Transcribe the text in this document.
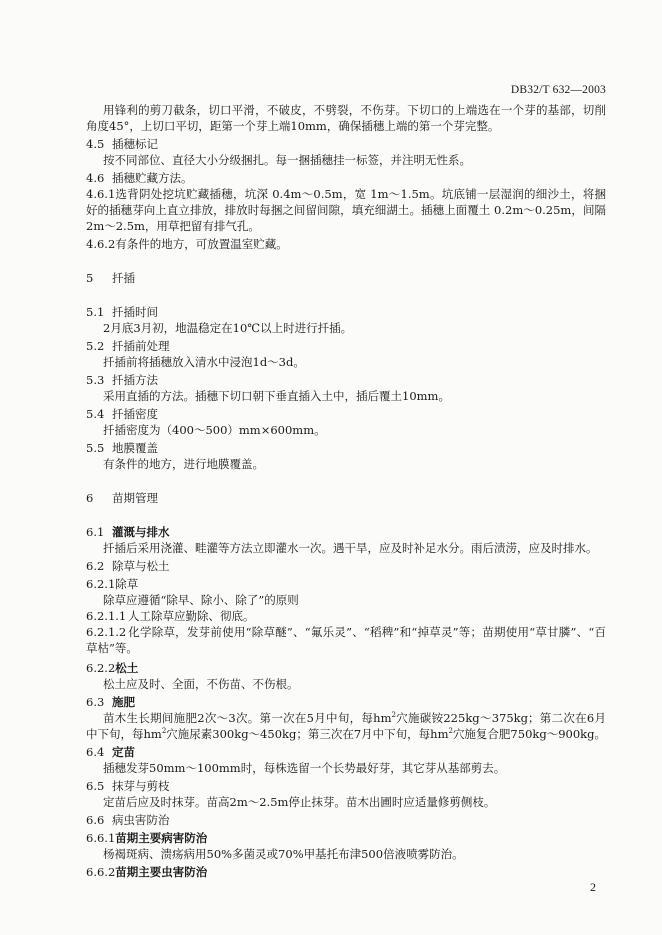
DB32/T 632—2003

用锋利的剪刀截条，切口平滑，不破皮，不劈裂，不伤芽。下切口的上端选在一个芽的基部，切削角度45°，上切口平切，距第一个芽上端10mm，确保插穗上端的第一个芽完整。

4.5 插穗标记

按不同部位、直径大小分级捆扎。每一捆插穗挂一标签，并注明无性系。

4.6 插穗贮藏方法。

4.6.1选背阴处挖坑贮藏插穗，坑深 0.4m～0.5m，宽 1m～1.5m。坑底铺一层湿润的细沙土，将捆好的插穗芽向上直立排放，排放时每捆之间留间隙，填充细湖土。插穗上面覆土 0.2m～0.25m，间隔 2m～2.5m，用草把留有排气孔。

4.6.2有条件的地方，可放置温室贮藏。

5 扦插

5.1 扦插时间

2月底3月初，地温稳定在10℃以上时进行扦插。

5.2 扦插前处理

扦插前将插穗放入清水中浸泡1d～3d。

5.3 扦插方法

采用直插的方法。插穗下切口朝下垂直插入土中，插后覆土10mm。

5.4 扦插密度

扦插密度为（400～500）mm×600mm。

5.5 地膜覆盖

有条件的地方，进行地膜覆盖。

6 苗期管理

6.1 灌溉与排水

扦插后采用浇灌、畦灌等方法立即灌水一次。遇干旱，应及时补足水分。雨后渍涝，应及时排水。

6.2 除草与松土

6.2.1除草

除草应遵循“除早、除小、除了”的原则

6.2.1.1 人工除草应勤除、彻底。

6.2.1.2 化学除草，发芽前使用“除草醚”、“氟乐灵”、“稻稗”和“掉草灵”等；苗期使用“草甘膦”、“百草枯”等。

6.2.2松土

松土应及时、全面，不伤苗、不伤根。

6.3 施肥

苗木生长期间施肥2次～3次。第一次在5月中旬，每$hm^2$穴施碳铵225kg～375kg；第二次在6月中下旬，每$hm^2$穴施尿素300kg～450kg；第三次在7月中下旬，每$hm^2$穴施复合肥750kg～900kg。

6.4 定苗

插穗发芽50mm～100mm时，每株选留一个长势最好芽，其它芽从基部剪去。

6.5 抹芽与剪枝

定苗后应及时抹芽。苗高2m～2.5m停止抹芽。苗木出圃时应适量修剪侧枝。

6.6 病虫害防治

6.6.1苗期主要病害防治

杨褐斑病、溃疡病用50%多菌灵或70%甲基托布津500倍液喷雾防治。

6.6.2苗期主要虫害防治

2
